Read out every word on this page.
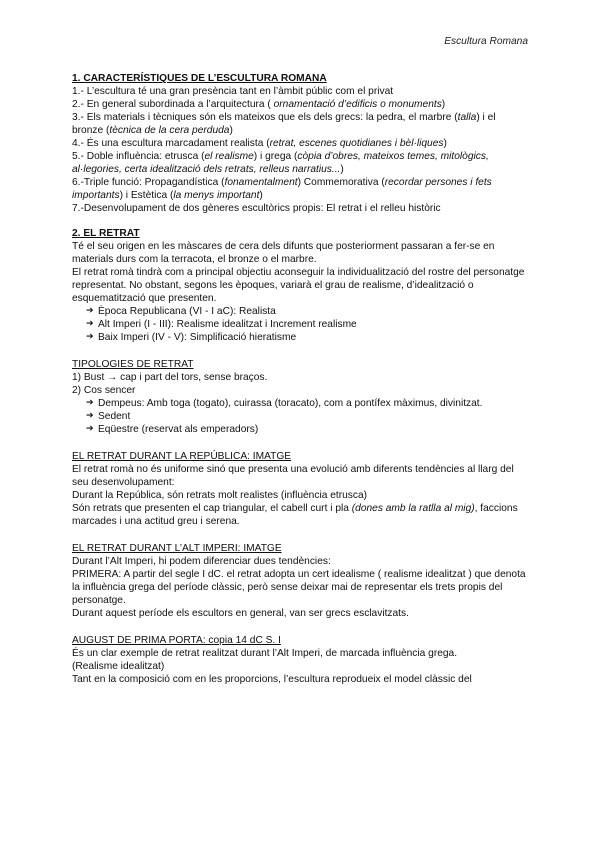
Escultura Romana
1. CARACTERÍSTIQUES DE L’ESCULTURA ROMANA

1.- L’escultura té una gran presència tant en l’àmbit públic com el privat

2.- En general subordinada a l’arquitectura ( ornamentació d’edificis o monuments)

3.- Els materials i tècniques són els mateixos que els dels grecs: la pedra, el marbre (talla) i el bronze (tècnica de la cera perduda)

4.- És una escultura marcadament realista (retrat, escenes quotidianes i bèl·liques)

5.- Doble influència: etrusca (el realisme) i grega (còpia d’obres, mateixos temes, mitològics, al·legories, certa idealització dels retrats, relleus narratius...)

6.-Triple funció: Propagandística (fonamentalment) Commemorativa (recordar persones i fets importants) i Estètica (la menys important)

7.-Desenvolupament de dos gèneres escultòrics propis: El retrat i el relleu històric

2. EL RETRAT

Té el seu origen en les màscares de cera dels difunts que posteriorment passaran a fer-se en materials durs com la terracota, el bronze o el marbre.

El retrat romà tindrà com a principal objectiu aconseguir la individualització del rostre del personatge representat. No obstant, segons les èpoques, variarà el grau de realisme, d’idealització o esquematització que presenten.

➔ Època Republicana (VI - I aC): Realista
➔ Alt Imperi (I - III): Realisme idealitzat i Increment realisme
➔ Baix Imperi (IV - V): Simplificació hieratisme
TIPOLOGIES DE RETRAT

1) Bust → cap i part del tors, sense braços.

2) Cos sencer

➔ Dempeus: Amb toga (togato), cuirassa (toracato), com a pontífex màximus, divinitzat.
➔ Sedent
➔ Eqüestre (reservat als emperadors)
EL RETRAT DURANT LA REPÚBLICA: IMATGE

El retrat romà no és uniforme sinó que presenta una evolució amb diferents tendències al llarg del seu desenvolupament:

Durant la República, són retrats molt realistes (influència etrusca)

Són retrats que presenten el cap triangular, el cabell curt i pla (dones amb la ratlla al mig), faccions marcades i una actitud greu i serena.

EL RETRAT DURANT L’ALT IMPERI: IMATGE

Durant l’Alt Imperi, hi podem diferenciar dues tendències:

PRIMERA: A partir del segle I dC. el retrat adopta un cert idealisme ( realisme idealitzat ) que denota la influència grega del període clàssic, però sense deixar mai de representar els trets propis del personatge.

Durant aquest període els escultors en general, van ser grecs esclavitzats.

AUGUST DE PRIMA PORTA: copia 14 dC S. I

És un clar exemple de retrat realitzat durant l’Alt Imperi, de marcada influència grega.

(Realisme idealitzat)

Tant en la composició com en les proporcions, l’escultura reprodueix el model clàssic del
